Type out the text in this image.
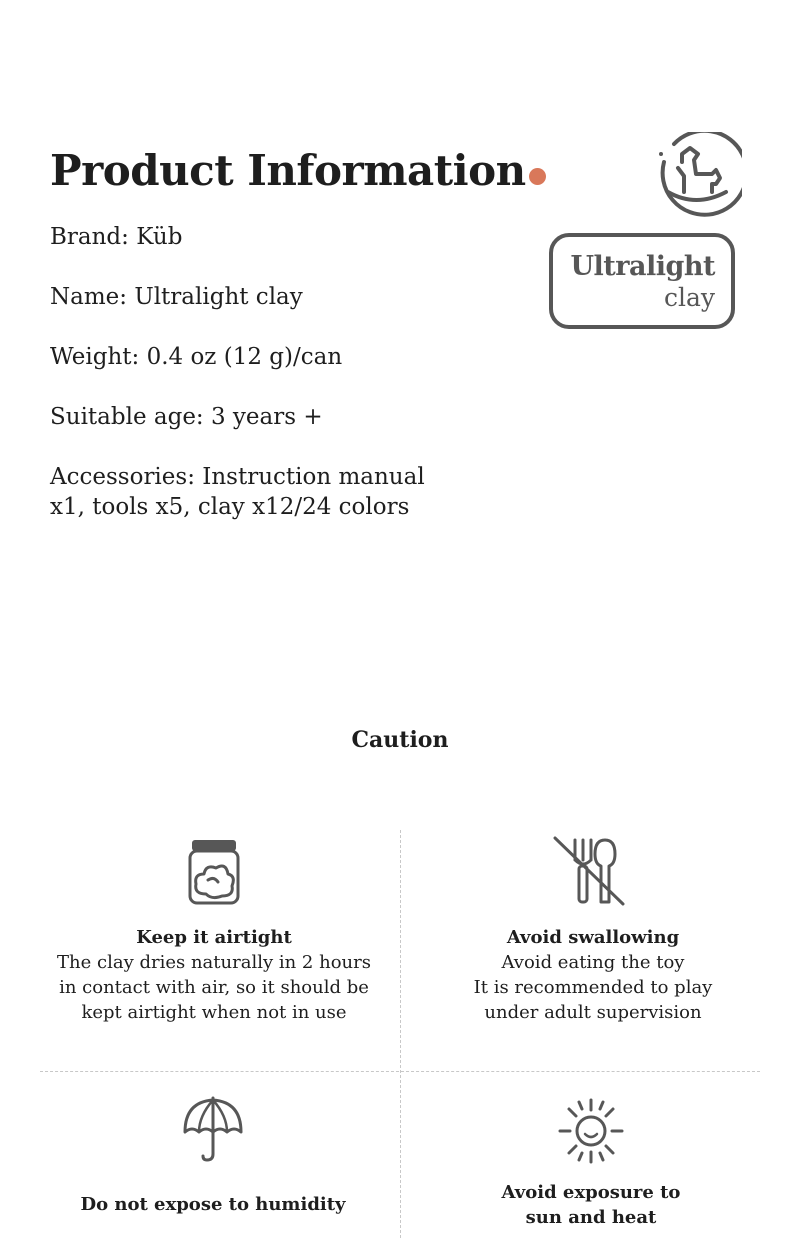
Product Information

Brand: Küb

Name: Ultralight clay

Weight: 0.4 oz (12 g)/can

Suitable age: 3 years +

Accessories: Instruction manual

x1, tools x5, clay x12/24 colors

Ultralight
clay
Caution

Keep it airtight

The clay dries naturally in 2 hours

in contact with air, so it should be

kept airtight when not in use

Avoid swallowing

Avoid eating the toy

It is recommended to play

under adult supervision

Do not expose to humidity

Avoid exposure to

sun and heat
